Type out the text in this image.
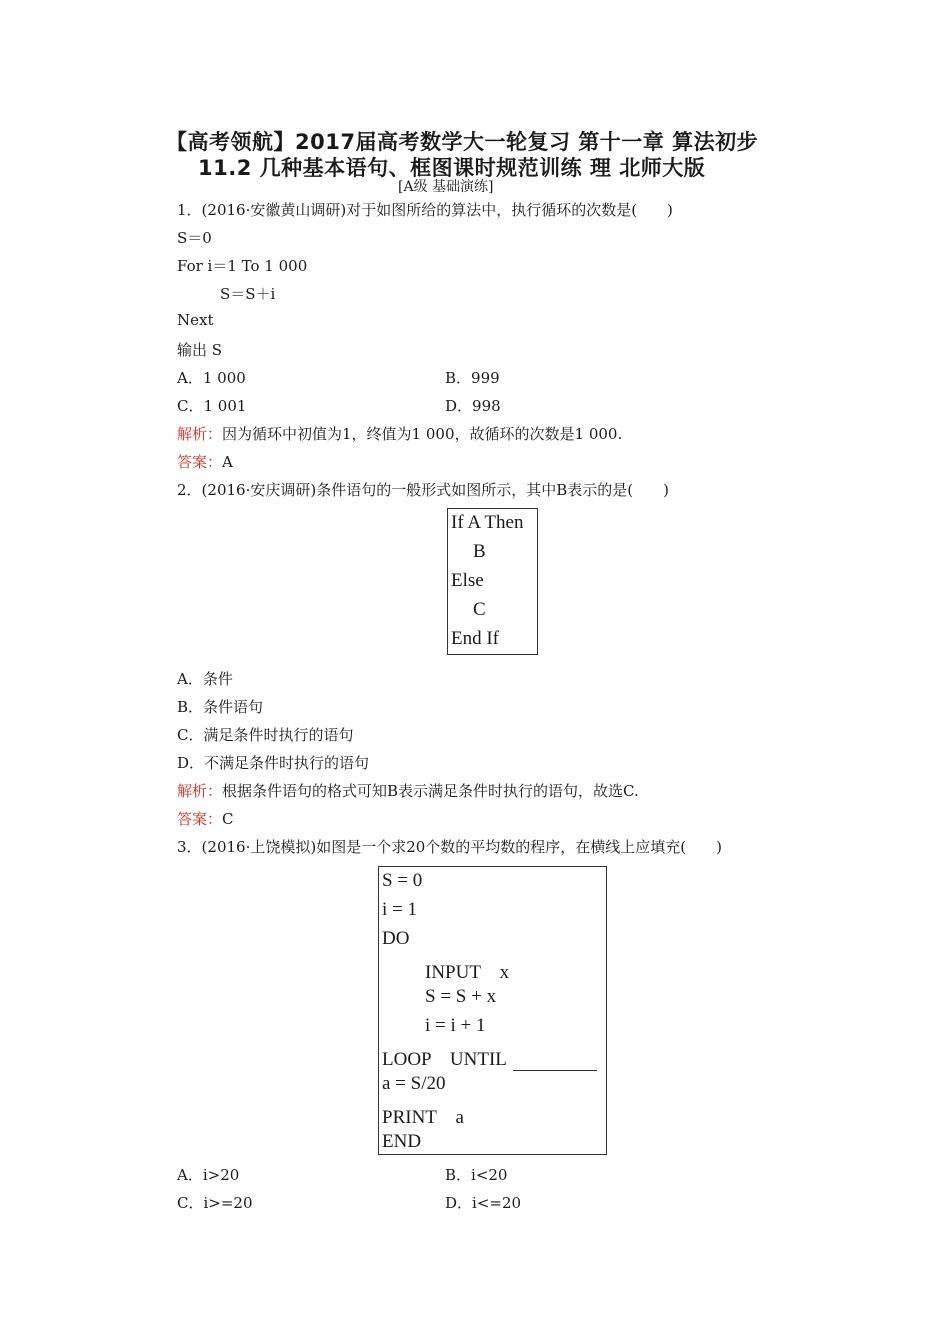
【高考领航】2017届高考数学大一轮复习 第十一章 算法初步
11.2 几种基本语句、框图课时规范训练 理 北师大版
[A级 基础演练]
1．(2016·安徽黄山调研)对于如图所给的算法中，执行循环的次数是(　　)
S＝0
For i＝1 To 1 000
S＝S＋i
Next
输出 S
A．1 000	B．999
C．1 001	D．998
解析：因为循环中初值为1，终值为1 000，故循环的次数是1 000.
答案：A
2．(2016·安庆调研)条件语句的一般形式如图所示，其中B表示的是(　　)
If A Then
B
Else
C
End If
A．条件
B．条件语句
C．满足条件时执行的语句
D．不满足条件时执行的语句
解析：根据条件语句的格式可知B表示满足条件时执行的语句，故选C.
答案：C
3．(2016·上饶模拟)如图是一个求20个数的平均数的程序，在横线上应填充(　　)
S = 0
i = 1
DO
INPUT　x
S = S + x
i = i + 1
LOOP　UNTIL
a = S/20
PRINT　a
END
A．i>20	B．i<20
C．i>=20	D．i<=20
